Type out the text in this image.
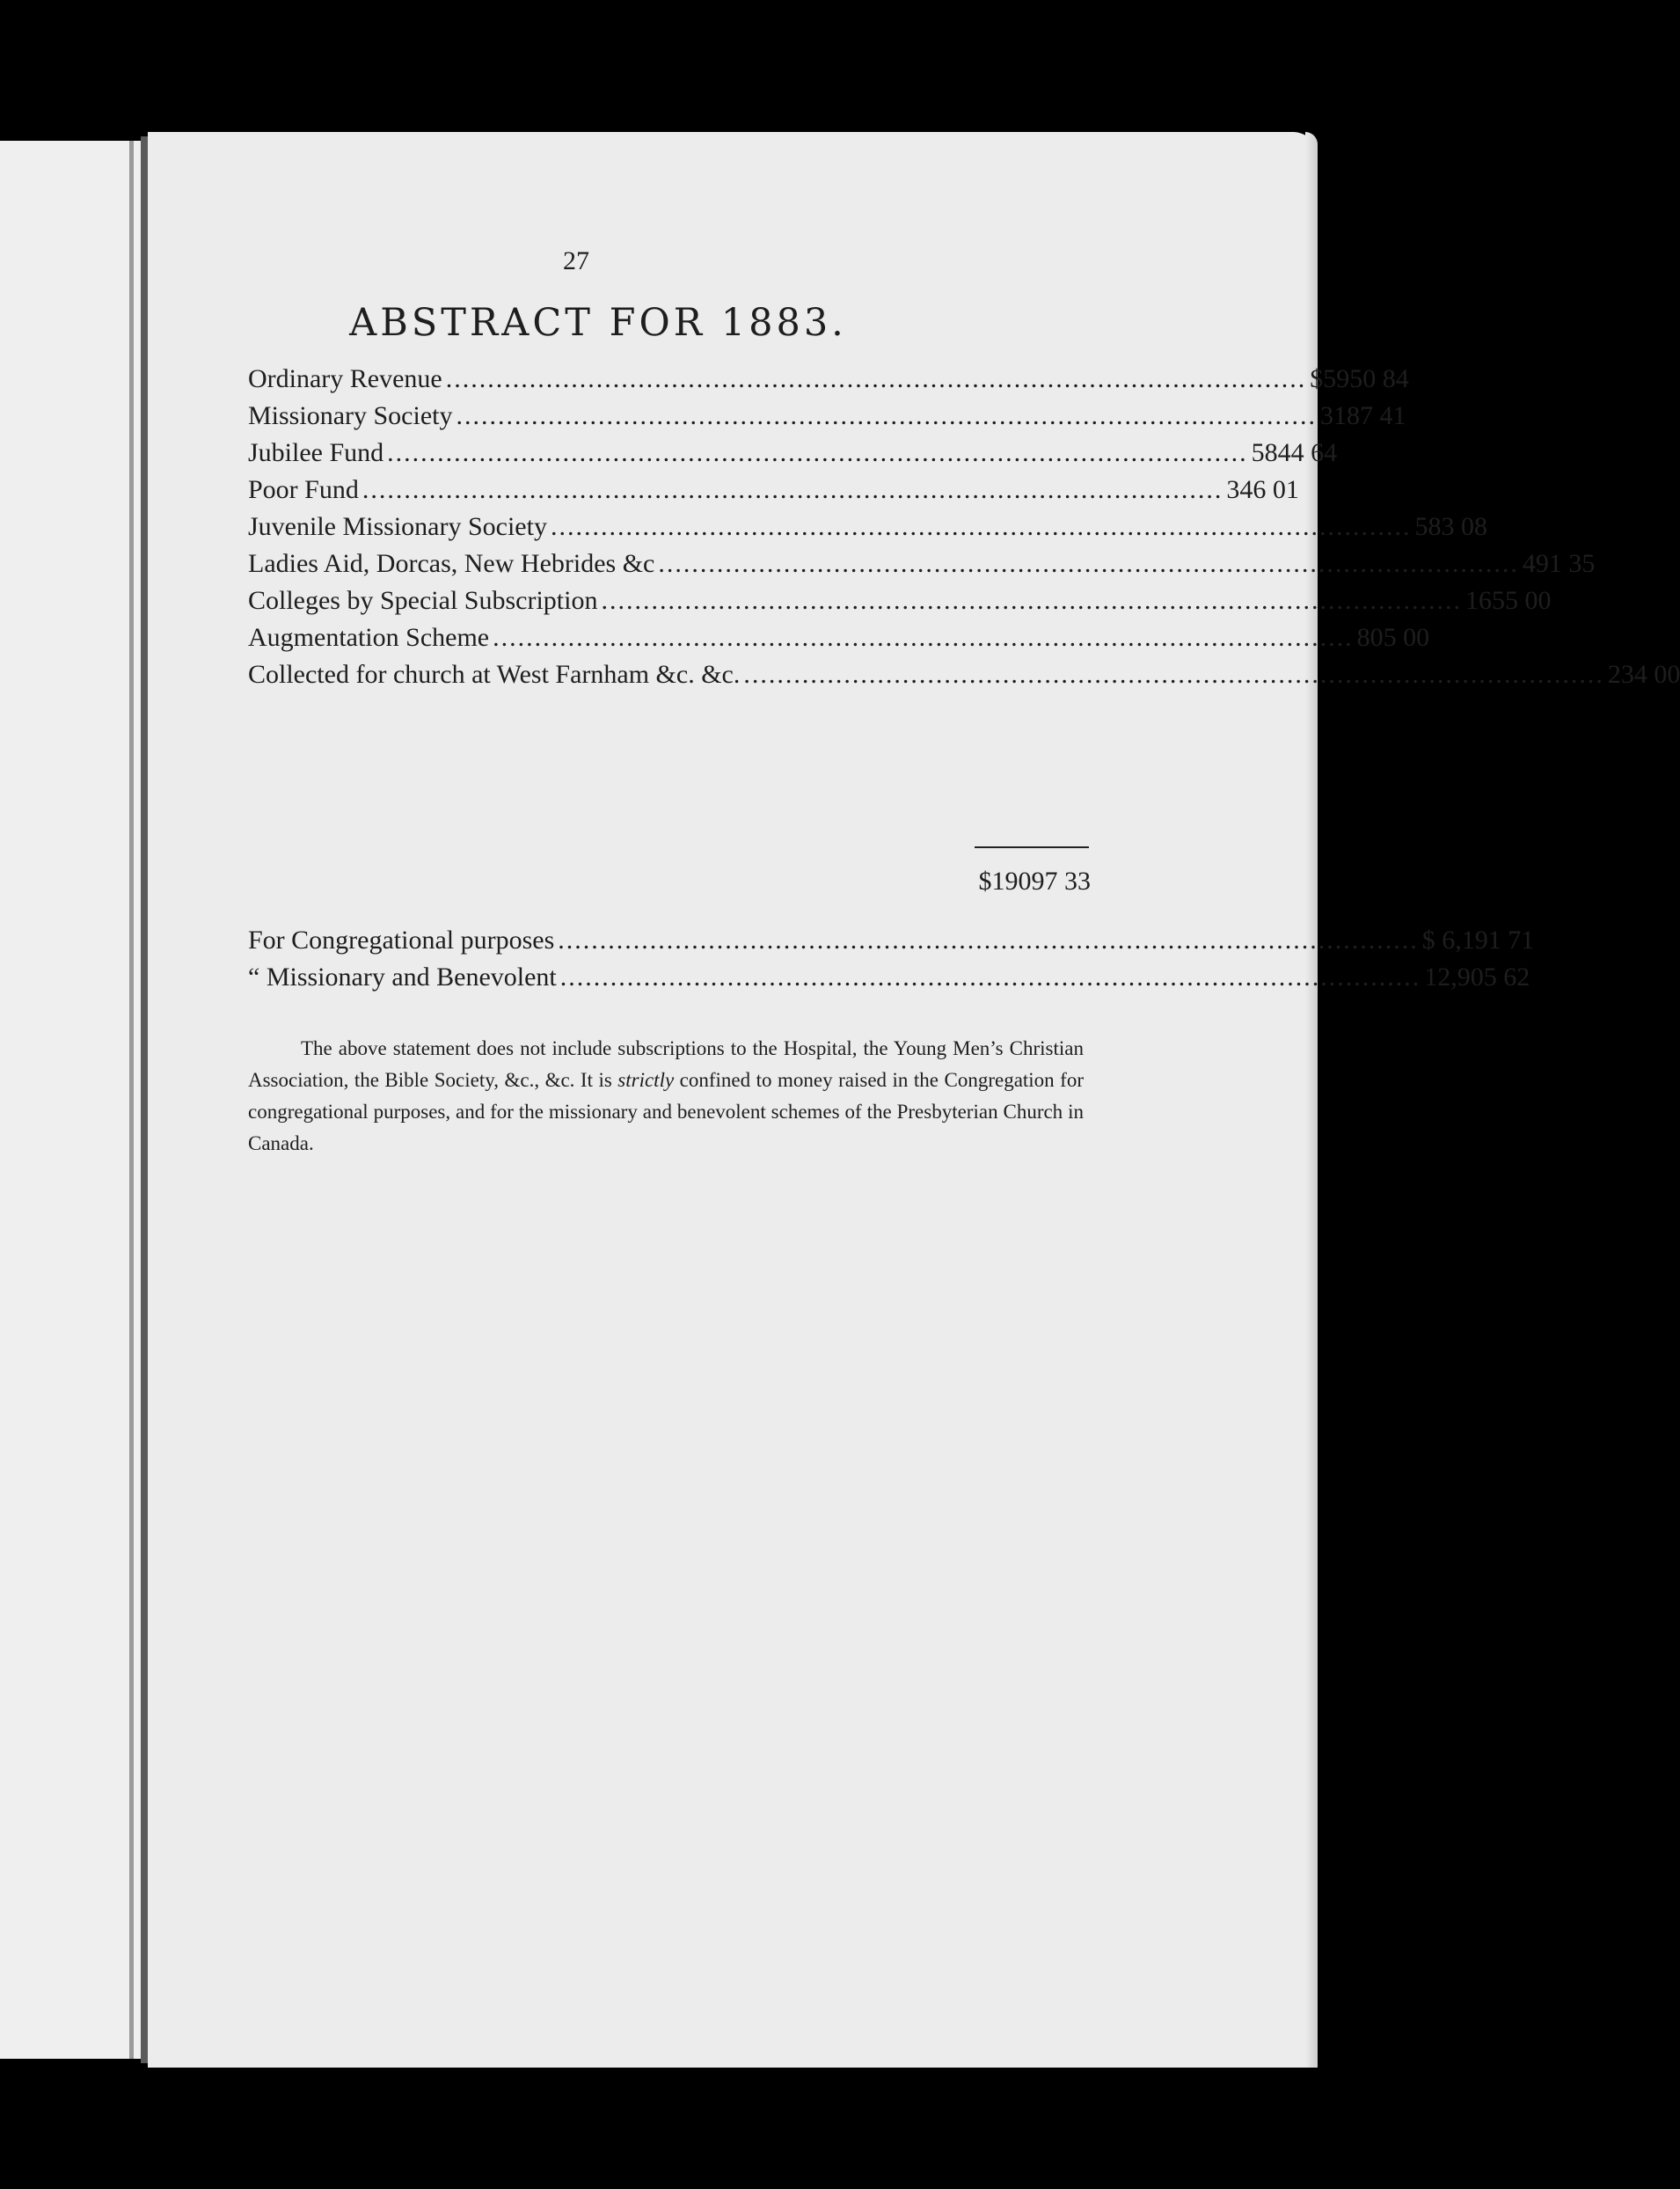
27
ABSTRACT FOR 1883.
Ordinary Revenue ....................................................................................................... $5950 84
Missionary Society ....................................................................................................... 3187 41
Jubilee Fund ....................................................................................................... 5844 64
Poor Fund ....................................................................................................... 346 01
Juvenile Missionary Society ....................................................................................................... 583 08
Ladies Aid, Dorcas, New Hebrides &c ....................................................................................................... 491 35
Colleges by Special Subscription ....................................................................................................... 1655 00
Augmentation Scheme ....................................................................................................... 805 00
Collected for church at West Farnham &c. &c. ....................................................................................................... 234 00
$19097 33
For Congregational purposes ....................................................................................................... $ 6,191 71
“ Missionary and Benevolent ....................................................................................................... 12,905 62

The above statement does not include subscriptions to the Hospital, the Young Men’s Christian Association, the Bible Society, &c., &c. It is strictly confined to money raised in the Congregation for congregational purposes, and for the missionary and benevolent schemes of the Presbyterian Church in Canada.
